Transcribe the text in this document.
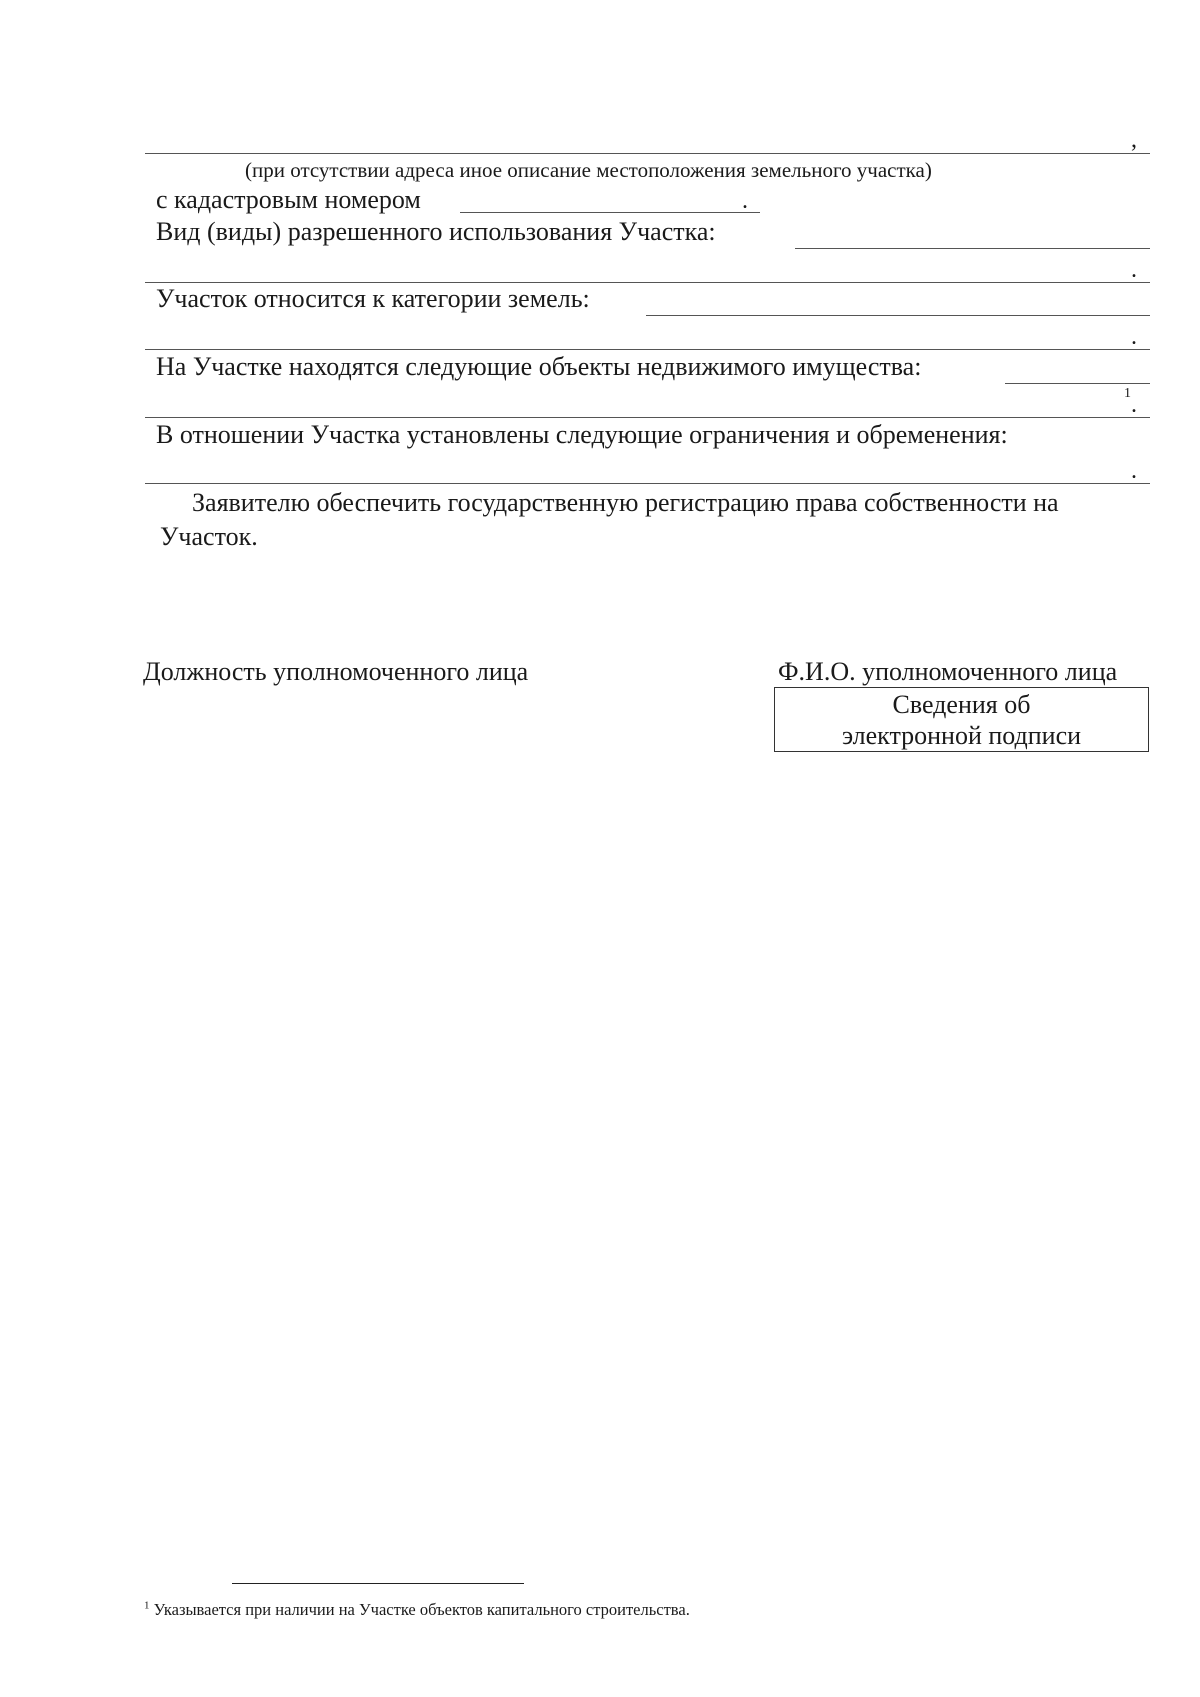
,
(при отсутствии адреса иное описание местоположения земельного участка)
с кадастровым номером	.
Вид (виды) разрешенного использования Участка:
.
Участок относится к категории земель:
.
На Участке находятся следующие объекты недвижимого имущества:
1 .
В отношении Участка установлены следующие ограничения и обременения:
.
Заявителю обеспечить государственную регистрацию права собственности на
Участок.
Должность уполномоченного лица	Ф.И.О. уполномоченного лица
Сведения об
электронной подписи
$^1$ Указывается при наличии на Участке объектов капитального строительства.
